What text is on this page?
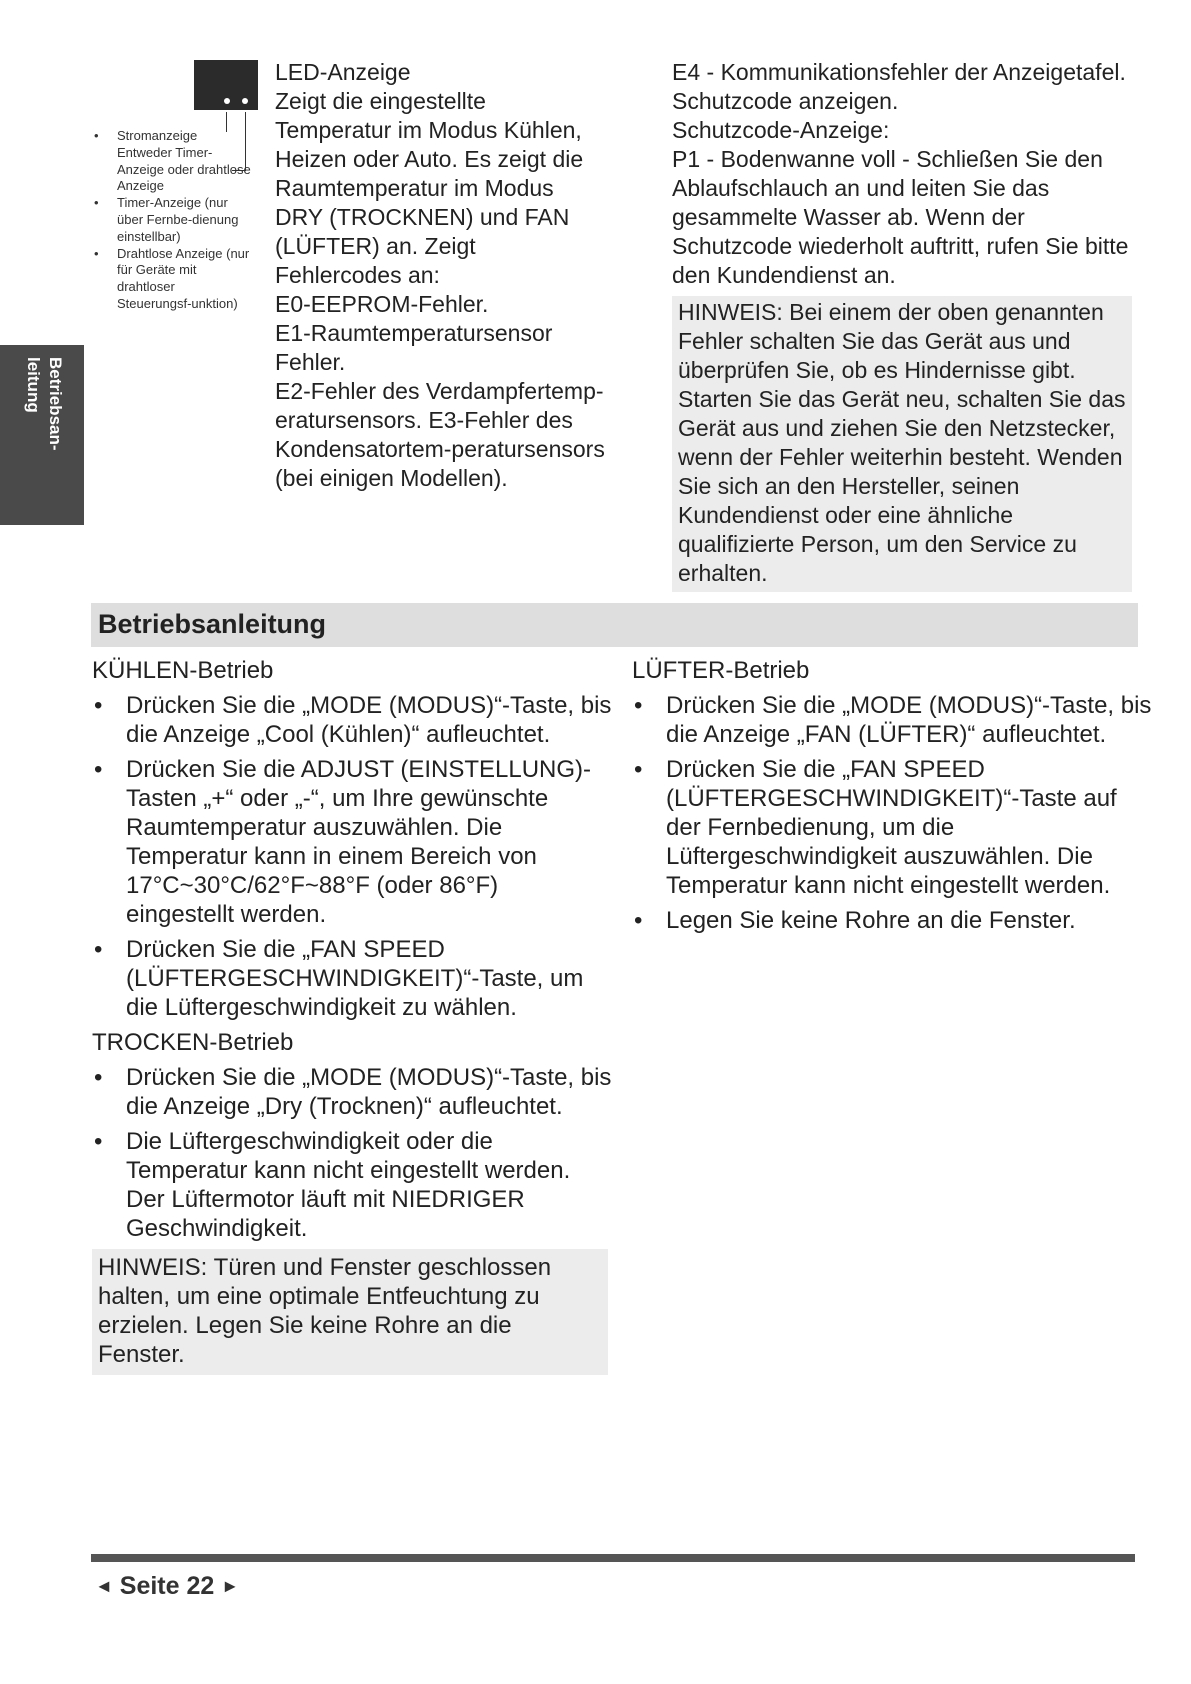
Betriebsan-
leitung
• Stromanzeige Entweder Timer-Anzeige oder drahtlose Anzeige
• Timer-Anzeige (nur über Fernbe-dienung einstellbar)
• Drahtlose Anzeige (nur für Geräte mit drahtloser Steuerungsf-unktion)

LED-Anzeige

Zeigt die eingestellte Temperatur im Modus Kühlen, Heizen oder Auto. Es zeigt die Raumtemperatur im Modus DRY (TROCKNEN) und FAN (LÜFTER) an. Zeigt Fehlercodes an:

E0-EEPROM-Fehler.

E1-Raumtemperatursensor Fehler.

E2-Fehler des Verdampfertemp-eratursensors. E3-Fehler des Kondensatortem-peratursensors (bei einigen Modellen).

E4 - Kommunikationsfehler der Anzeigetafel. Schutzcode anzeigen.

Schutzcode-Anzeige:

P1 - Bodenwanne voll - Schließen Sie den Ablaufschlauch an und leiten Sie das gesammelte Wasser ab. Wenn der Schutzcode wiederholt auftritt, rufen Sie bitte den Kundendienst an.

HINWEIS: Bei einem der oben genannten Fehler schalten Sie das Gerät aus und überprüfen Sie, ob es Hindernisse gibt. Starten Sie das Gerät neu, schalten Sie das Gerät aus und ziehen Sie den Netzstecker, wenn der Fehler weiterhin besteht. Wenden Sie sich an den Hersteller, seinen Kundendienst oder eine ähnliche qualifizierte Person, um den Service zu erhalten.
Betriebsanleitung

KÜHLEN-Betrieb

• Drücken Sie die „MODE (MODUS)“-Taste, bis die Anzeige „Cool (Kühlen)“ aufleuchtet.
• Drücken Sie die ADJUST (EINSTELLUNG)-Tasten „+“ oder „-“, um Ihre gewünschte Raumtemperatur auszuwählen. Die Temperatur kann in einem Bereich von 17°C~30°C/62°F~88°F (oder 86°F) eingestellt werden.
• Drücken Sie die „FAN SPEED (LÜFTERGESCHWINDIGKEIT)“-Taste, um die Lüftergeschwindigkeit zu wählen.

TROCKEN-Betrieb

• Drücken Sie die „MODE (MODUS)“-Taste, bis die Anzeige „Dry (Trocknen)“ aufleuchtet.
• Die Lüftergeschwindigkeit oder die Temperatur kann nicht eingestellt werden. Der Lüftermotor läuft mit NIEDRIGER Geschwindigkeit.
HINWEIS: Türen und Fenster geschlossen halten, um eine optimale Entfeuchtung zu erzielen. Legen Sie keine Rohre an die Fenster.

LÜFTER-Betrieb

• Drücken Sie die „MODE (MODUS)“-Taste, bis die Anzeige „FAN (LÜFTER)“ aufleuchtet.
• Drücken Sie die „FAN SPEED (LÜFTERGESCHWINDIGKEIT)“-Taste auf der Fernbedienung, um die Lüftergeschwindigkeit auszuwählen. Die Temperatur kann nicht eingestellt werden.
• Legen Sie keine Rohre an die Fenster.
◄ Seite 22 ►
